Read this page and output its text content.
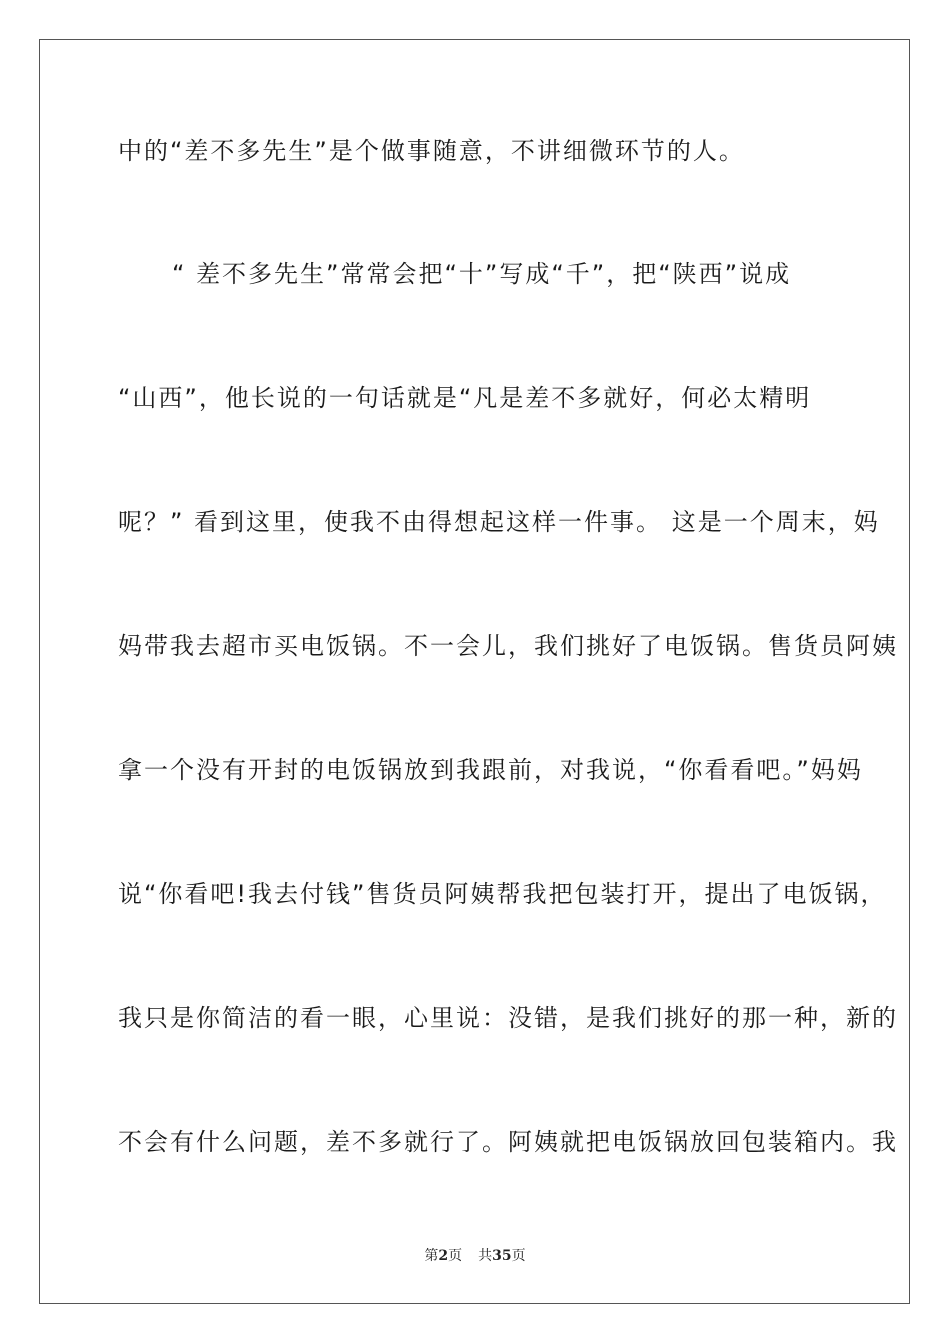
中的“差不多先生”是个做事随意，不讲细微环节的人。
“ 差不多先生”常常会把“十”写成“千”，把“陕西”说成
“山西”，他长说的一句话就是“凡是差不多就好，何必太精明
呢？” 看到这里，使我不由得想起这样一件事。 这是一个周末，妈
妈带我去超市买电饭锅。不一会儿，我们挑好了电饭锅。售货员阿姨
拿一个没有开封的电饭锅放到我跟前，对我说，“你看看吧。”妈妈
说“你看吧!我去付钱”售货员阿姨帮我把包装打开，提出了电饭锅，
我只是你简洁的看一眼，心里说：没错，是我们挑好的那一种，新的
不会有什么问题，差不多就行了。阿姨就把电饭锅放回包装箱内。我
第2页 共35页
